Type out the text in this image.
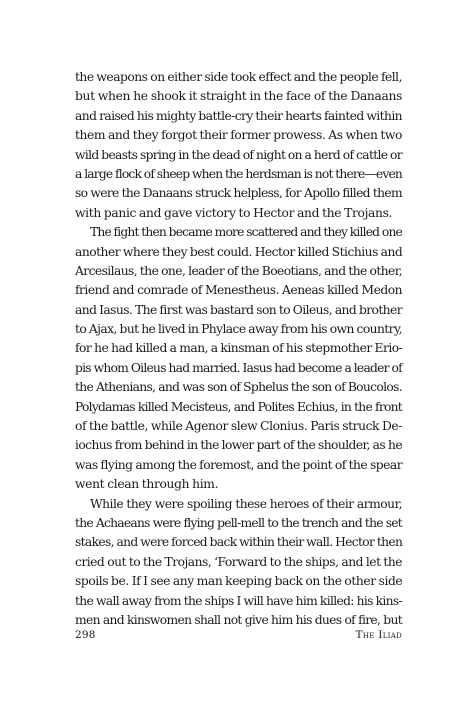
the weapons on either side took effect and the people fell,
but when he shook it straight in the face of the Danaans
and raised his mighty battle-cry their hearts fainted within
them and they forgot their former prowess. As when two
wild beasts spring in the dead of night on a herd of cattle or
a large flock of sheep when the herdsman is not there—even
so were the Danaans struck helpless, for Apollo filled them
with panic and gave victory to Hector and the Trojans.

The fight then became more scattered and they killed one
another where they best could. Hector killed Stichius and
Arcesilaus, the one, leader of the Boeotians, and the other,
friend and comrade of Menestheus. Aeneas killed Medon
and Iasus. The first was bastard son to Oileus, and brother
to Ajax, but he lived in Phylace away from his own country,
for he had killed a man, a kinsman of his stepmother Erio-
pis whom Oileus had married. Iasus had become a leader of
the Athenians, and was son of Sphelus the son of Boucolos.
Polydamas killed Mecisteus, and Polites Echius, in the front
of the battle, while Agenor slew Clonius. Paris struck De-
iochus from behind in the lower part of the shoulder, as he
was flying among the foremost, and the point of the spear
went clean through him.

While they were spoiling these heroes of their armour,
the Achaeans were flying pell-mell to the trench and the set
stakes, and were forced back within their wall. Hector then
cried out to the Trojans, ‘Forward to the ships, and let the
spoils be. If I see any man keeping back on the other side
the wall away from the ships I will have him killed: his kins-
men and kinswomen shall not give him his dues of fire, but

298	The Iliad
